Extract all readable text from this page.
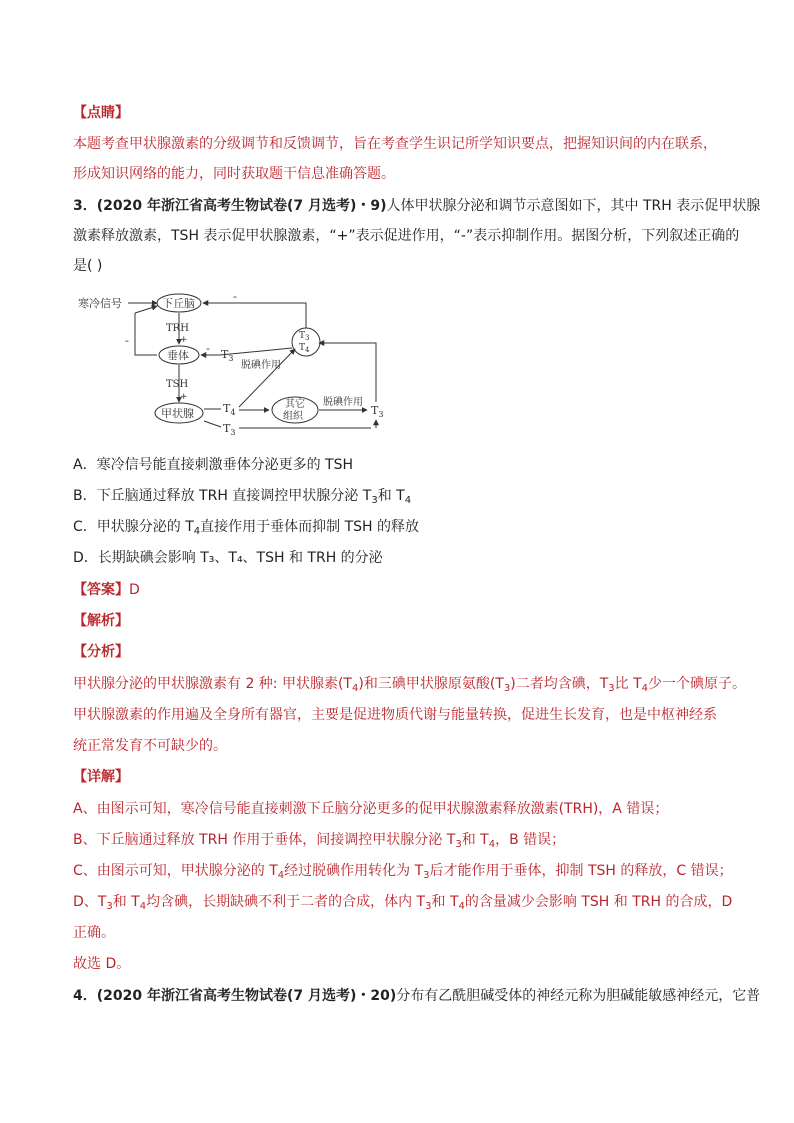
【点睛】
本题考查甲状腺激素的分级调节和反馈调节，旨在考查学生识记所学知识要点，把握知识间的内在联系，
形成知识网络的能力，同时获取题干信息准确答题。
3．(2020 年浙江省高考生物试卷(7 月选考)・9)人体甲状腺分泌和调节示意图如下，其中 TRH 表示促甲状腺
激素释放激素，TSH 表示促甲状腺激素，“+”表示促进作用，“-”表示抑制作用。据图分析，下列叙述正确的
是( )
A．寒冷信号能直接刺激垂体分泌更多的 TSH
B．下丘脑通过释放 TRH 直接调控甲状腺分泌 $T_3$和 $T_4$
C．甲状腺分泌的 $T_4$直接作用于垂体而抑制 TSH 的释放
D．长期缺碘会影响 T₃、T₄、TSH 和 TRH 的分泌
【答案】D
【解析】
【分析】
甲状腺分泌的甲状腺激素有 2 种: 甲状腺素$(T_4)$和三碘甲状腺原氨酸$(T_3)$二者均含碘，$T_3$比 $T_4$少一个碘原子。
甲状腺激素的作用遍及全身所有器官，主要是促进物质代谢与能量转换，促进生长发育，也是中枢神经系
统正常发育不可缺少的。
【详解】
A、由图示可知，寒冷信号能直接刺激下丘脑分泌更多的促甲状腺激素释放激素(TRH)，A 错误；
B、下丘脑通过释放 TRH 作用于垂体，间接调控甲状腺分泌 $T_3$和 $T_4$，B 错误；
C、由图示可知，甲状腺分泌的 $T_4$经过脱碘作用转化为 $T_3$后才能作用于垂体，抑制 TSH 的释放，C 错误；
D、$T_3$和 $T_4$均含碘，长期缺碘不利于二者的合成，体内 $T_3$和 $T_4$的含量减少会影响 TSH 和 TRH 的合成，D
正确。
故选 D。
4．(2020 年浙江省高考生物试卷(7 月选考)・20)分布有乙酰胆碱受体的神经元称为胆碱能敏感神经元，它普
寒冷信号	下丘脑
TRH
+
垂体
TSH
+
甲状腺
-
$T_4$
$T_3$
其它
组织
脱碘作用
$T_3$
$T_3$
$T_4$
-
$T_3$
-
脱碘作用
